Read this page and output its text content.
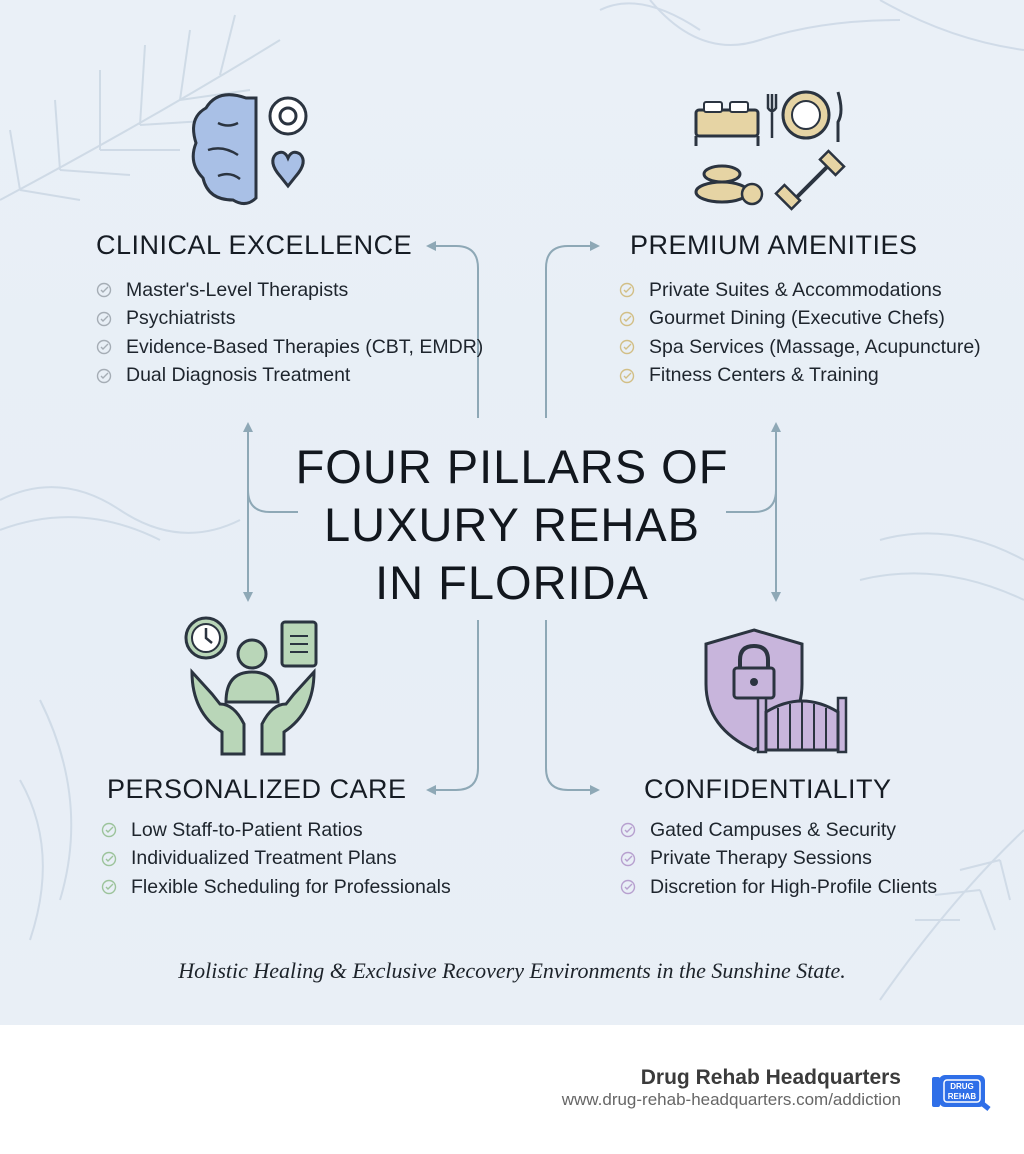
CLINICAL EXCELLENCE
Master's-Level Therapists
Psychiatrists
Evidence-Based Therapies (CBT, EMDR)
Dual Diagnosis Treatment
PREMIUM AMENITIES
Private Suites & Accommodations
Gourmet Dining (Executive Chefs)
Spa Services (Massage, Acupuncture)
Fitness Centers & Training
FOUR PILLARS OF
LUXURY REHAB
IN FLORIDA
PERSONALIZED CARE
Low Staff-to-Patient Ratios
Individualized Treatment Plans
Flexible Scheduling for Professionals
CONFIDENTIALITY
Gated Campuses & Security
Private Therapy Sessions
Discretion for High-Profile Clients
Holistic Healing & Exclusive Recovery Environments in the Sunshine State.
Drug Rehab Headquarters
www.drug-rehab-headquarters.com/addiction
DRUG
REHAB
